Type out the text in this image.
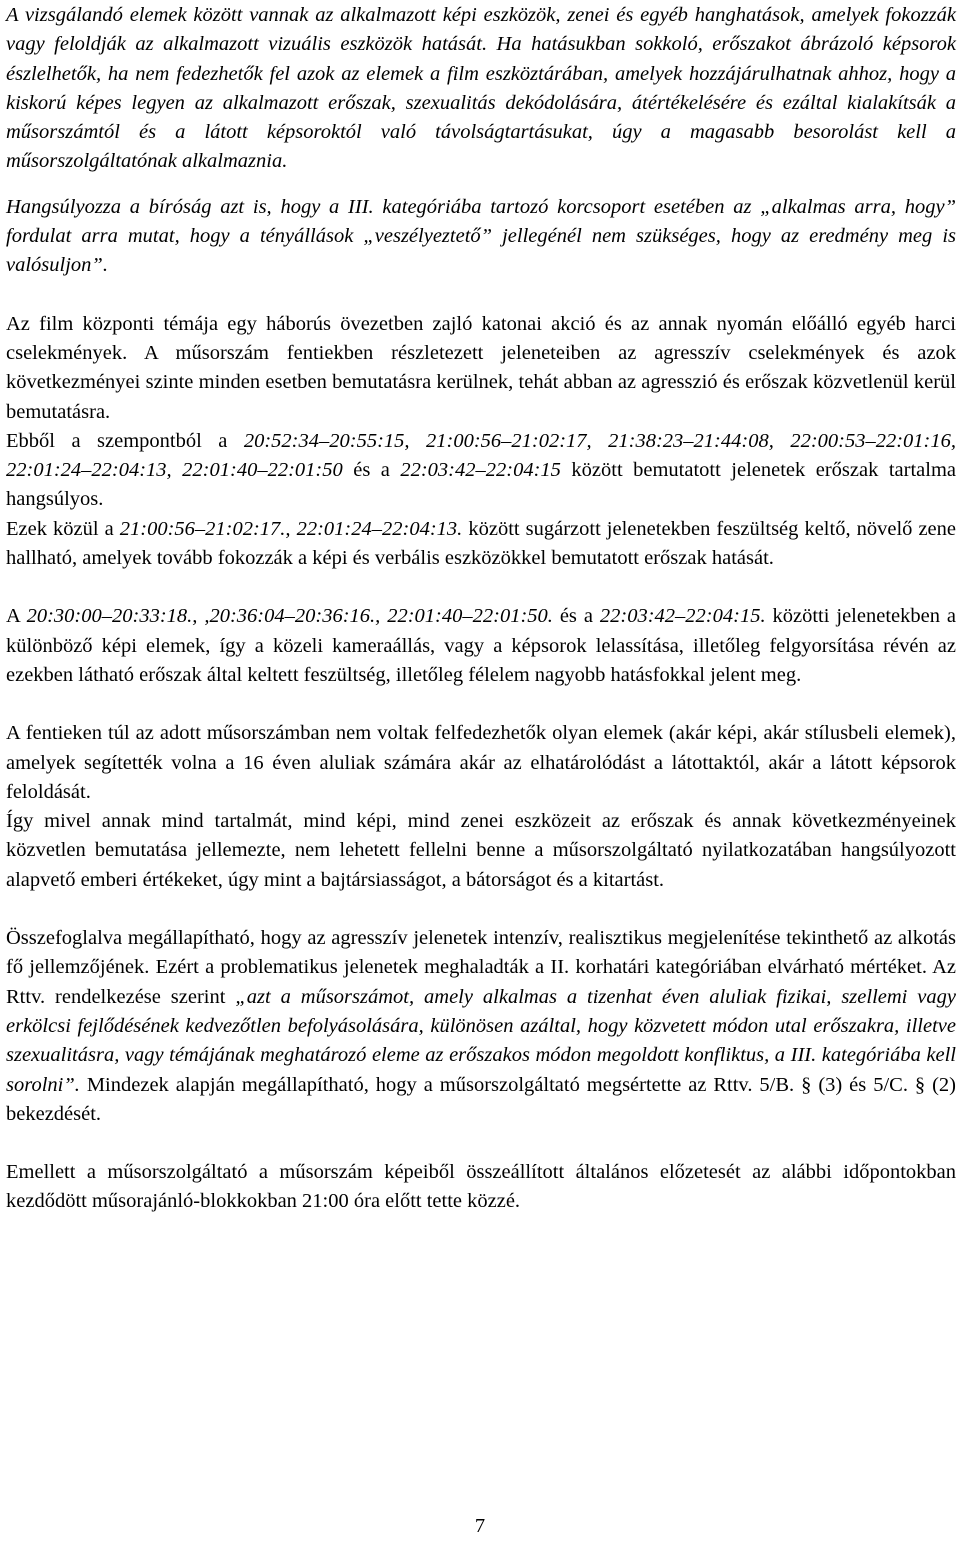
A vizsgálandó elemek között vannak az alkalmazott képi eszközök, zenei és egyéb hanghatások, amelyek fokozzák vagy feloldják az alkalmazott vizuális eszközök hatását. Ha hatásukban sokkoló, erőszakot ábrázoló képsorok észlelhetők, ha nem fedezhetők fel azok az elemek a film eszköztárában, amelyek hozzájárulhatnak ahhoz, hogy a kiskorú képes legyen az alkalmazott erőszak, szexualitás dekódolására, átértékelésére és ezáltal kialakítsák a műsorszámtól és a látott képsoroktól való távolságtartásukat, úgy a magasabb besorolást kell a műsorszolgáltatónak alkalmaznia.

Hangsúlyozza a bíróság azt is, hogy a III. kategóriába tartozó korcsoport esetében az „alkalmas arra, hogy” fordulat arra mutat, hogy a tényállások „veszélyeztető” jellegénél nem szükséges, hogy az eredmény meg is valósuljon”.

Az film központi témája egy háborús övezetben zajló katonai akció és az annak nyomán előálló egyéb harci cselekmények. A műsorszám fentiekben részletezett jeleneteiben az agresszív cselekmények és azok következményei szinte minden esetben bemutatásra kerülnek, tehát abban az agresszió és erőszak közvetlenül kerül bemutatásra.

Ebből a szempontból a 20:52:34–20:55:15, 21:00:56–21:02:17, 21:38:23–21:44:08, 22:00:53–22:01:16, 22:01:24–22:04:13, 22:01:40–22:01:50 és a 22:03:42–22:04:15 között bemutatott jelenetek erőszak tartalma hangsúlyos.

Ezek közül a 21:00:56–21:02:17., 22:01:24–22:04:13. között sugárzott jelenetekben feszültség keltő, növelő zene hallható, amelyek tovább fokozzák a képi és verbális eszközökkel bemutatott erőszak hatását.

A 20:30:00–20:33:18., ,20:36:04–20:36:16., 22:01:40–22:01:50. és a 22:03:42–22:04:15. közötti jelenetekben a különböző képi elemek, így a közeli kameraállás, vagy a képsorok lelassítása, illetőleg felgyorsítása révén az ezekben látható erőszak által keltett feszültség, illetőleg félelem nagyobb hatásfokkal jelent meg.

A fentieken túl az adott műsorszámban nem voltak felfedezhetők olyan elemek (akár képi, akár stílusbeli elemek), amelyek segítették volna a 16 éven aluliak számára akár az elhatárolódást a látottaktól, akár a látott képsorok feloldását.

Így mivel annak mind tartalmát, mind képi, mind zenei eszközeit az erőszak és annak következményeinek közvetlen bemutatása jellemezte, nem lehetett fellelni benne a műsorszolgáltató nyilatkozatában hangsúlyozott alapvető emberi értékeket, úgy mint a bajtársiasságot, a bátorságot és a kitartást.

Összefoglalva megállapítható, hogy az agresszív jelenetek intenzív, realisztikus megjelenítése tekinthető az alkotás fő jellemzőjének. Ezért a problematikus jelenetek meghaladták a II. korhatári kategóriában elvárható mértéket. Az Rttv. rendelkezése szerint „azt a műsorszámot, amely alkalmas a tizenhat éven aluliak fizikai, szellemi vagy erkölcsi fejlődésének kedvezőtlen befolyásolására, különösen azáltal, hogy közvetett módon utal erőszakra, illetve szexualitásra, vagy témájának meghatározó eleme az erőszakos módon megoldott konfliktus, a III. kategóriába kell sorolni”. Mindezek alapján megállapítható, hogy a műsorszolgáltató megsértette az Rttv. 5/B. § (3) és 5/C. § (2) bekezdését.

Emellett a műsorszolgáltató a műsorszám képeiből összeállított általános előzetesét az alábbi időpontokban kezdődött műsorajánló-blokkokban 21:00 óra előtt tette közzé.

7
